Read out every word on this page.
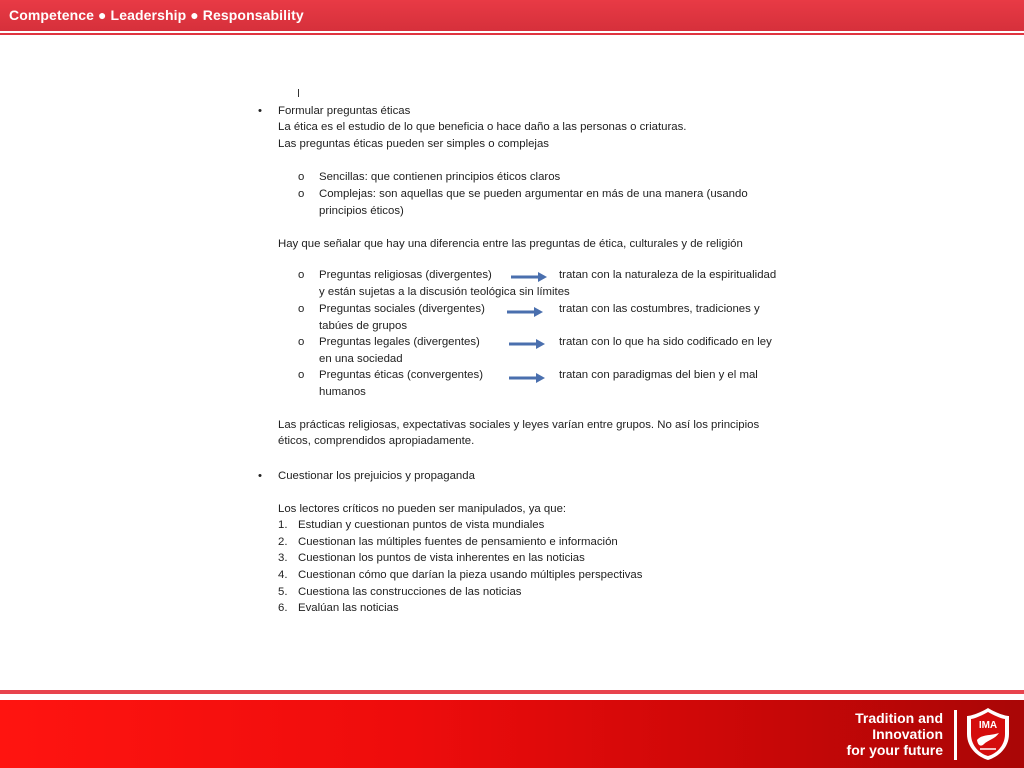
Competence ● Leadership ● Responsability
• Formular preguntas éticas
La ética es el estudio de lo que beneficia o hace daño a las personas o criaturas.
Las preguntas éticas pueden ser simples o complejas
o Sencillas: que contienen principios éticos claros
o Complejas: son aquellas que se pueden argumentar en más de una manera (usando
principios éticos)
Hay que señalar que hay una diferencia entre las preguntas de ética, culturales y de religión
o Preguntas religiosas (divergentes)	tratan con la naturaleza de la espiritualidad
y están sujetas a la discusión teológica sin límites
o Preguntas sociales (divergentes)	tratan con las costumbres, tradiciones y
tabúes de grupos
o Preguntas legales (divergentes)	tratan con lo que ha sido codificado en ley
en una sociedad
o Preguntas éticas (convergentes)	tratan con paradigmas del bien y el mal
humanos
Las prácticas religiosas, expectativas sociales y leyes varían entre grupos. No así los principios
éticos, comprendidos apropiadamente.
• Cuestionar los prejuicios y propaganda
Los lectores críticos no pueden ser manipulados, ya que:
1. Estudian y cuestionan puntos de vista mundiales
2. Cuestionan las múltiples fuentes de pensamiento e información
3. Cuestionan los puntos de vista inherentes en las noticias
4. Cuestionan cómo que darían la pieza usando múltiples perspectivas
5. Cuestiona las construcciones de las noticias
6. Evalúan las noticias
Tradition and
Innovation
for your future
IMA
